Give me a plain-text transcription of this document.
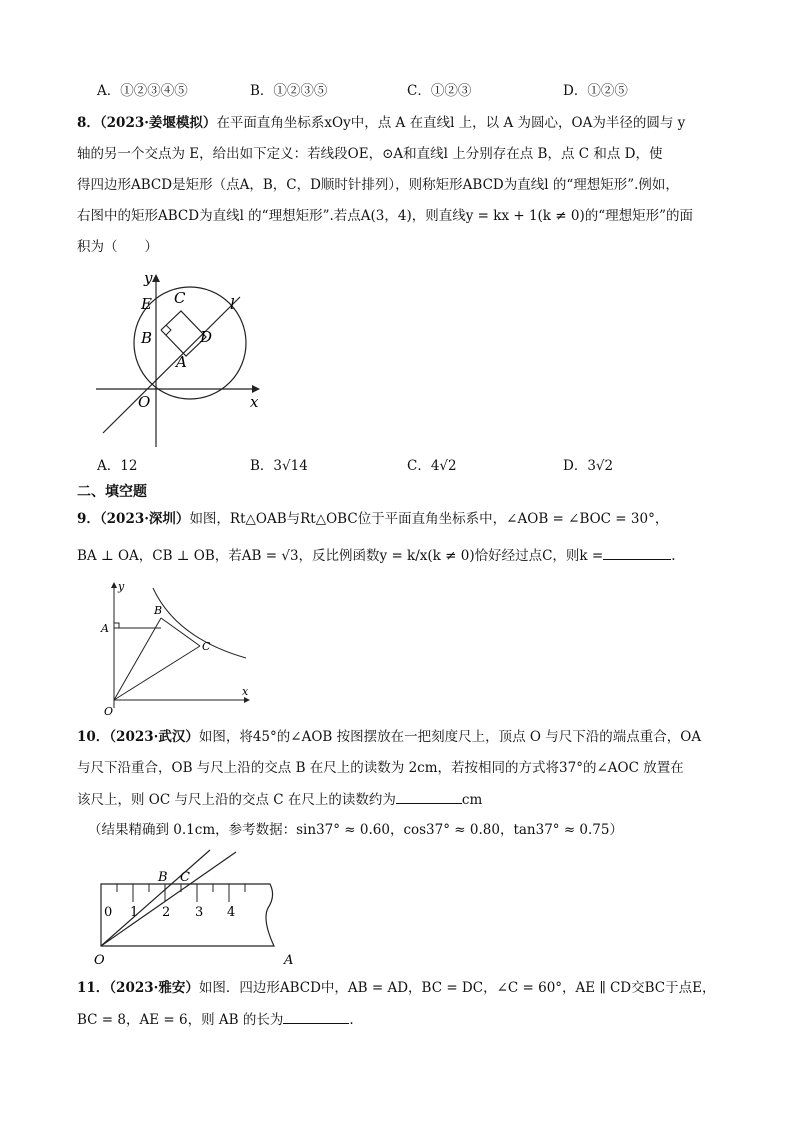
A．①②③④⑤	B．①②③⑤	C．①②③	D．①②⑤
8．（2023·姜堰模拟）在平面直角坐标系xOy中，点 A 在直线l 上，以 A 为圆心，OA为半径的圆与 y
轴的另一个交点为 E，给出如下定义：若线段OE，⊙A和直线l 上分别存在点 B，点 C 和点 D，使
得四边形ABCD是矩形（点A，B，C，D顺时针排列），则称矩形ABCD为直线l 的“理想矩形”.例如，
右图中的矩形ABCD为直线l 的“理想矩形”.若点A(3，4)，则直线y = kx + 1(k ≠ 0)的“理想矩形”的面
积为（　　）
y
x
O
E C
B	D
A
l
A．12	B．3√14	C．4√2	D．3√2
二、填空题
9．（2023·深圳）如图，Rt△OAB与Rt△OBC位于平面直角坐标系中，∠AOB = ∠BOC = 30°，
BA ⊥ OA，CB ⊥ OB，若AB = √3，反比例函数y = k/x(k ≠ 0)恰好经过点C，则k =	.
y
x
O
A
B
C
10．（2023·武汉）如图，将45°的∠AOB 按图摆放在一把刻度尺上，顶点 O 与尺下沿的端点重合，OA
与尺下沿重合，OB 与尺上沿的交点 B 在尺上的读数为 2cm，若按相同的方式将37°的∠AOC 放置在
该尺上，则 OC 与尺上沿的交点 C 在尺上的读数约为	cm
（结果精确到 0.1cm，参考数据：sin37° ≈ 0.60，cos37° ≈ 0.80，tan37° ≈ 0.75）
0 1 2 3 4
B C
O	A
11．（2023·雅安）如图．四边形ABCD中，AB = AD，BC = DC，∠C = 60°，AE ∥ CD交BC于点E，
BC = 8，AE = 6，则 AB 的长为	.
